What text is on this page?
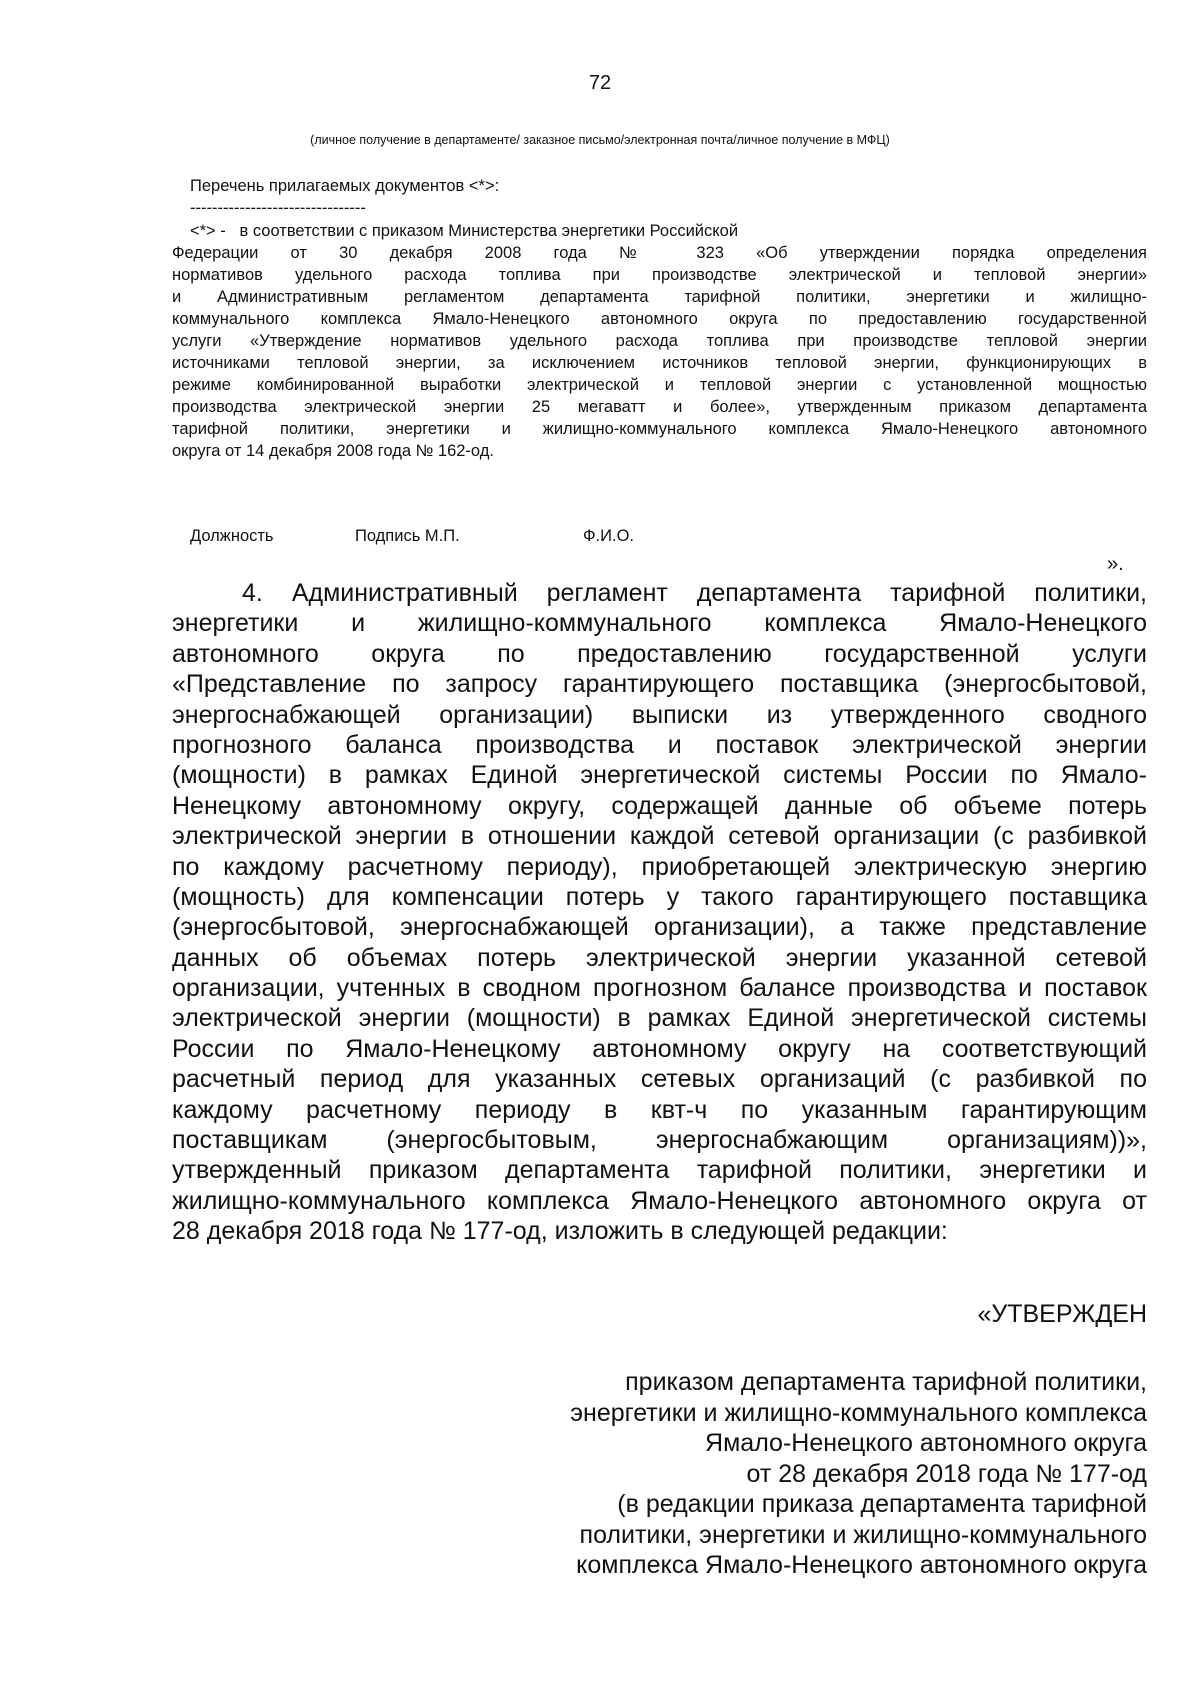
72
(личное получение в департаменте/ заказное письмо/электронная почта/личное получение в МФЦ)
Перечень прилагаемых документов <*>:
--------------------------------
<*> -   в соответствии с приказом Министерства энергетики Российской
Федерации от 30 декабря 2008 года № 323 «Об утверждении порядка определения
нормативов удельного расхода топлива при производстве электрической и тепловой энергии»
и Административным регламентом департамента тарифной политики, энергетики и жилищно-
коммунального комплекса Ямало-Ненецкого автономного округа по предоставлению государственной
услуги «Утверждение нормативов удельного расхода топлива при производстве тепловой энергии
источниками тепловой энергии, за исключением источников тепловой энергии, функционирующих в
режиме комбинированной выработки электрической и тепловой энергии с установленной мощностью
производства электрической энергии 25 мегаватт и более», утвержденным приказом департамента
тарифной политики, энергетики и жилищно-коммунального комплекса Ямало-Ненецкого автономного
округа от 14 декабря 2008 года № 162-од.
Должность	Подпись М.П.	Ф.И.О.
».
4. Административный регламент департамента тарифной политики,
энергетики и жилищно-коммунального комплекса Ямало-Ненецкого
автономного округа по предоставлению государственной услуги
«Представление по запросу гарантирующего поставщика (энергосбытовой,
энергоснабжающей организации) выписки из утвержденного сводного
прогнозного баланса производства и поставок электрической энергии
(мощности) в рамках Единой энергетической системы России по Ямало-
Ненецкому автономному округу, содержащей данные об объеме потерь
электрической энергии в отношении каждой сетевой организации (с разбивкой
по каждому расчетному периоду), приобретающей электрическую энергию
(мощность) для компенсации потерь у такого гарантирующего поставщика
(энергосбытовой, энергоснабжающей организации), а также представление
данных об объемах потерь электрической энергии указанной сетевой
организации, учтенных в сводном прогнозном балансе производства и поставок
электрической энергии (мощности) в рамках Единой энергетической системы
России по Ямало-Ненецкому автономному округу на соответствующий
расчетный период для указанных сетевых организаций (с разбивкой по
каждому расчетному периоду в квт-ч по указанным гарантирующим
поставщикам (энергосбытовым, энергоснабжающим организациям))»,
утвержденный приказом департамента тарифной политики, энергетики и
жилищно-коммунального комплекса Ямало-Ненецкого автономного округа от
28 декабря 2018 года № 177-од, изложить в следующей редакции:
«УТВЕРЖДЕН
приказом департамента тарифной политики,
энергетики и жилищно-коммунального комплекса
Ямало-Ненецкого автономного округа
от 28 декабря 2018 года № 177-од
(в редакции приказа департамента тарифной
политики, энергетики и жилищно-коммунального
комплекса Ямало-Ненецкого автономного округа
